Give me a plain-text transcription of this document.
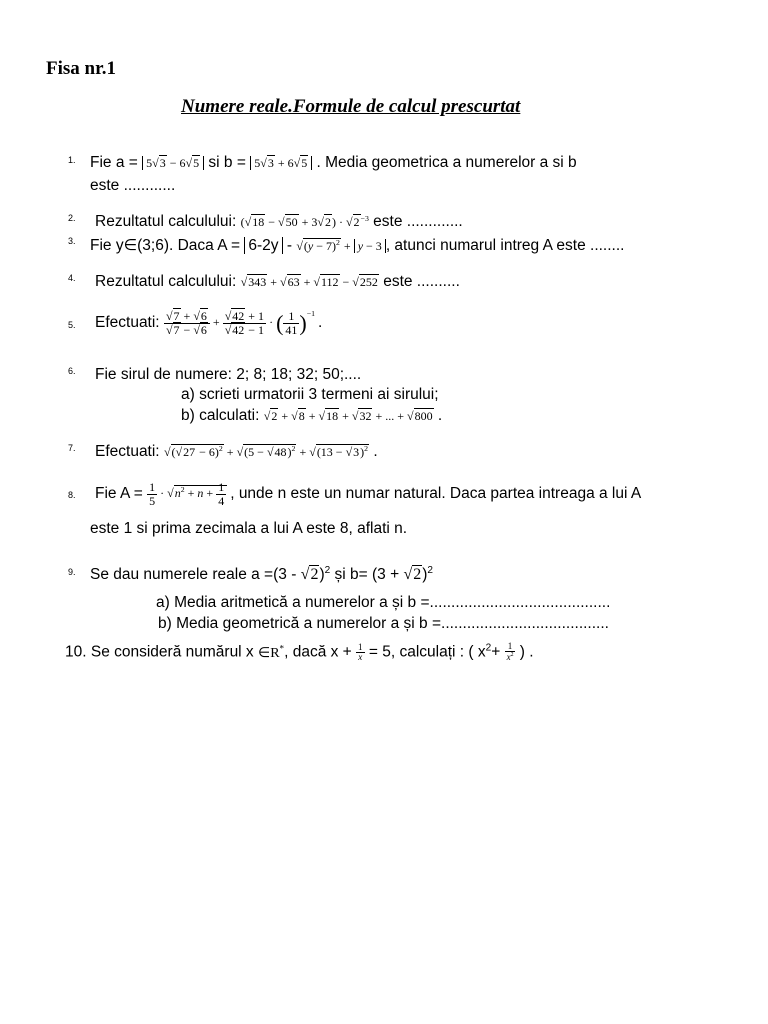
Fisa nr.1
Numere reale.Formule de calcul prescurtat
1. Fie a = 5 √ 3 − 6 √ 5 si b = 5 √ 3 + 6 √ 5 . Media geometrica a numerelor a si b
este ............
2. Rezultatul calculului: ( √ 18 − √ 50 + 3 √ 2) · √ $2^{-3}$ este .............
3. Fie y∈(3;6). Daca A = 6-2y - √ $(y - 7)^2 + y - 3$ , atunci numarul intreg A este ........
4. Rezultatul calculului: √ 343 + √ 63 + √ 112 − √ 252 este ..........
5. Efectuati: √ 7 + √ 6
√ 7 − √ 6 + √ 42 + 1
√ 42 − 1 · ( $\frac{1}{41} )^{-1}$ .
6. Fie sirul de numere: 2; 8; 18; 32; 50;....
a) scrieti urmatorii 3 termeni ai sirului;
b) calculati: √ 2 + √ 8 + √ 18 + √ 32 + ... + √ 800 .
7. Efectuati: √ ( √ 27 − 6)$^2$ + √ (5 − √ 48)$^2$ + √ (13 − √ 3)$^2$ .
8. Fie $A = \frac{1}{5}$ · √ $n^2 + n + \frac{1}{4}$ , unde n este un numar natural. Daca partea intreaga a lui A
este 1 si prima zecimala a lui A este 8, aflati n.
9. Se dau numerele reale a =(3 - √ 2)$^2$ și b= (3 + √ 2)$^2$
a) Media aritmetică a numerelor a și b =..........................................
b) Media geometrică a numerelor a și b =.......................................
10. Se consideră numărul x ∈R*, dacă $x + \frac{1}{x} = 5$, calculați : ( $x^2+ \frac{1}{x^2}$ ) .
